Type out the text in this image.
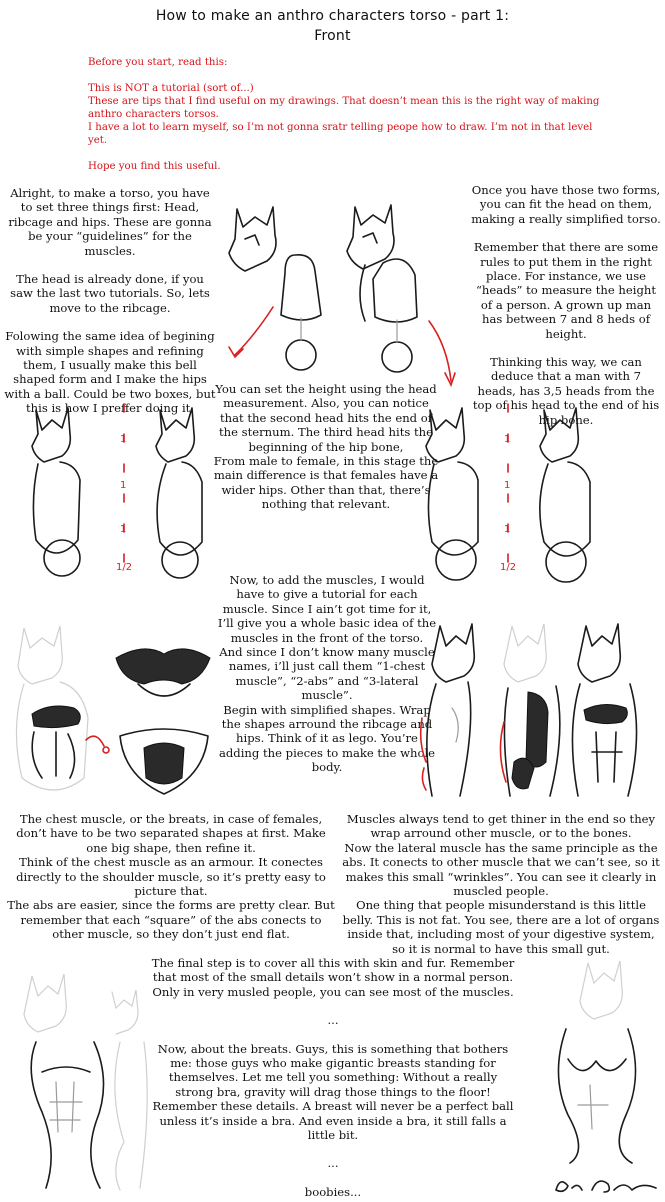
How to make an anthro characters torso - part 1:
Front

Before you start, read this:

This is NOT a tutorial (sort of...)
These are tips that I find useful on my drawings. That doesn’t mean this is the right way of making anthro characters torsos.
I have a lot to learn myself, so I’m not gonna sratr telling peope how to draw. I’m not in that level yet.

Hope you find this useful.

Alright, to make a torso, you have to set three things first: Head, ribcage and hips. These are gonna be your “guidelines” for the muscles.

The head is already done, if you saw the last two tutorials. So, lets move to the ribcage.

Folowing the same idea of begining with simple shapes and refining them, I usually make this bell shaped form and I make the hips with a ball. Could be two boxes, but this is how I preffer doing it.

Once you have those two forms, you can fit the head on them, making a really simplified torso.

Remember that there are some rules to put them in the right place. For instance, we use “heads” to measure the height of a person. A grown up man has between 7 and 8 heds of height.

Thinking this way, we can deduce that a man with 7 heads, has 3,5 heads from the top of his head to the end of his hip bone.

You can set the height using the head measurement. Also, you can notice that the second head hits the end of the sternum. The third head hits the beginning of the hip bone,
From male to female, in this stage the main difference is that females have a wider hips. Other than that, there’s nothing that relevant.

1
1
1
1/2
1
1
1
1/2

Now, to add the muscles, I would have to give a tutorial for each muscle. Since I ain’t got time for it, I’ll give you a whole basic idea of the muscles in the front of the torso.
And since I don’t know many muscle names, i’ll just call them “1-chest muscle”, “2-abs” and “3-lateral muscle”.
Begin with simplified shapes. Wrap the shapes arround the ribcage and hips. Think of it as lego. You’re adding the pieces to make the whole body.

The chest muscle, or the breats, in case of females, don’t have to be two separated shapes at first. Make one big shape, then refine it.
Think of the chest muscle as an armour. It conectes directly to the shoulder muscle, so it’s pretty easy to picture that.
The abs are easier, since the forms are pretty clear. But remember that each “square” of the abs conects to other muscle, so they don’t just end flat.

Muscles always tend to get thiner in the end so they wrap arround other muscle, or to the bones.
Now the lateral muscle has the same principle as the abs. It conects to other muscle that we can’t see, so it makes this small “wrinkles”. You can see it clearly in muscled people.
One thing that people misunderstand is this little belly. This is not fat. You see, there are a lot of organs inside that, including most of your digestive system, so it is normal to have this small gut.

The final step is to cover all this with skin and fur. Remember that most of the small details won’t show in a normal person. Only in very musled people, you can see most of the muscles.

...

Now, about the breats. Guys, this is something that bothers me: those guys who make gigantic breasts standing for themselves. Let me tell you something: Without a really strong bra, gravity will drag those things to the floor!
Remember these details. A breast will never be a perfect ball unless it’s inside a bra. And even inside a bra, it still falls a little bit.

...

boobies...
